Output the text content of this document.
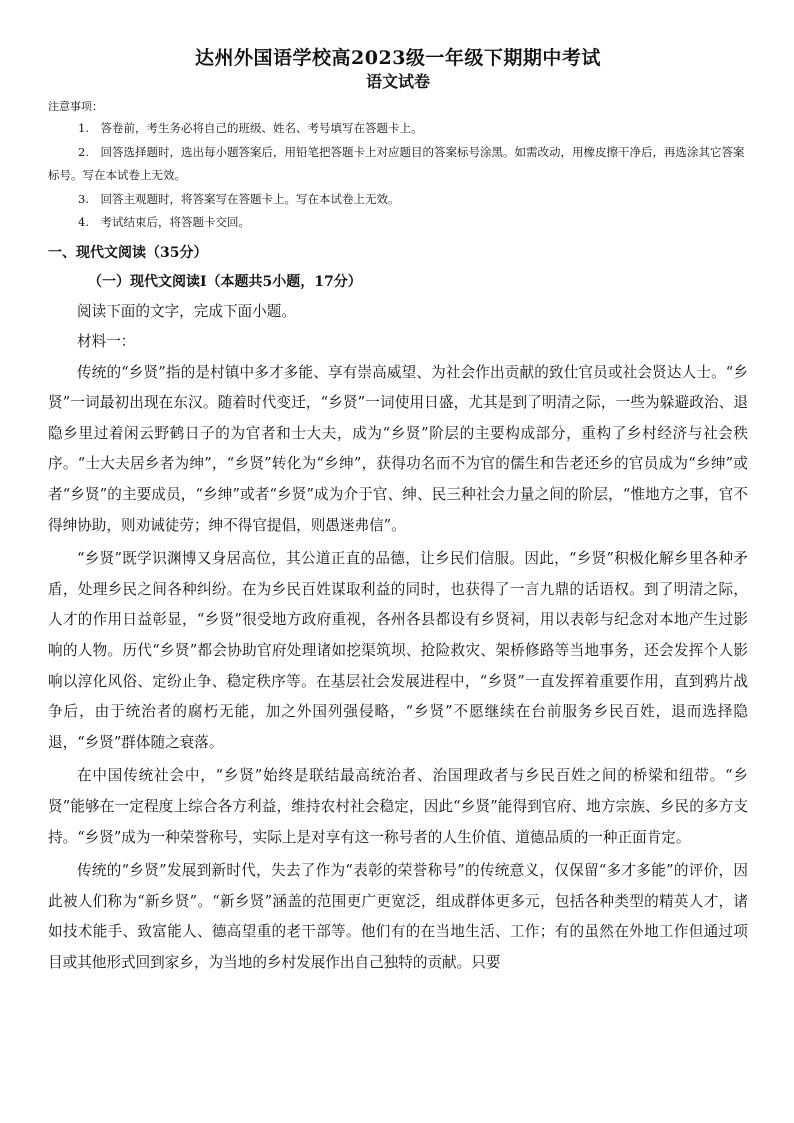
达州外国语学校高2023级一年级下期期中考试
语文试卷

注意事项：

1.　答卷前，考生务必将自己的班级、姓名、考号填写在答题卡上。

2.　回答选择题时，选出每小题答案后，用铅笔把答题卡上对应题目的答案标号涂黑。如需改动，用橡皮擦干净后，再选涂其它答案标号。写在本试卷上无效。

3.　回答主观题时，将答案写在答题卡上。写在本试卷上无效。

4.　考试结束后，将答题卡交回。

一、现代文阅读（35分）

（一）现代文阅读Ⅰ（本题共5小题，17分）

阅读下面的文字，完成下面小题。

材料一：

传统的“乡贤”指的是村镇中多才多能、享有崇高威望、为社会作出贡献的致仕官员或社会贤达人士。“乡贤”一词最初出现在东汉。随着时代变迁，“乡贤”一词使用日盛，尤其是到了明清之际，一些为躲避政治、退隐乡里过着闲云野鹤日子的为官者和士大夫，成为“乡贤”阶层的主要构成部分，重构了乡村经济与社会秩序。“士大夫居乡者为绅”，“乡贤”转化为“乡绅”，获得功名而不为官的儒生和告老还乡的官员成为“乡绅”或者“乡贤”的主要成员，“乡绅”或者“乡贤”成为介于官、绅、民三种社会力量之间的阶层，“惟地方之事，官不得绅协助，则劝诫徒劳；绅不得官提倡，则愚迷弗信”。

“乡贤”既学识渊博又身居高位，其公道正直的品德，让乡民们信服。因此，“乡贤”积极化解乡里各种矛盾，处理乡民之间各种纠纷。在为乡民百姓谋取利益的同时，也获得了一言九鼎的话语权。到了明清之际，人才的作用日益彰显，“乡贤”很受地方政府重视，各州各县都设有乡贤祠，用以表彰与纪念对本地产生过影响的人物。历代“乡贤”都会协助官府处理诸如挖渠筑坝、抢险救灾、架桥修路等当地事务，还会发挥个人影响以淳化风俗、定纷止争、稳定秩序等。在基层社会发展进程中，“乡贤”一直发挥着重要作用，直到鸦片战争后，由于统治者的腐朽无能，加之外国列强侵略，“乡贤”不愿继续在台前服务乡民百姓，退而选择隐退，“乡贤”群体随之衰落。

在中国传统社会中，“乡贤”始终是联结最高统治者、治国理政者与乡民百姓之间的桥梁和纽带。“乡贤”能够在一定程度上综合各方利益，维持农村社会稳定，因此“乡贤”能得到官府、地方宗族、乡民的多方支持。“乡贤”成为一种荣誉称号，实际上是对享有这一称号者的人生价值、道德品质的一种正面肯定。

传统的“乡贤”发展到新时代，失去了作为“表彰的荣誉称号”的传统意义，仅保留“多才多能”的评价，因此被人们称为“新乡贤”。“新乡贤”涵盖的范围更广更宽泛，组成群体更多元，包括各种类型的精英人才，诸如技术能手、致富能人、德高望重的老干部等。他们有的在当地生活、工作；有的虽然在外地工作但通过项目或其他形式回到家乡，为当地的乡村发展作出自己独特的贡献。只要
